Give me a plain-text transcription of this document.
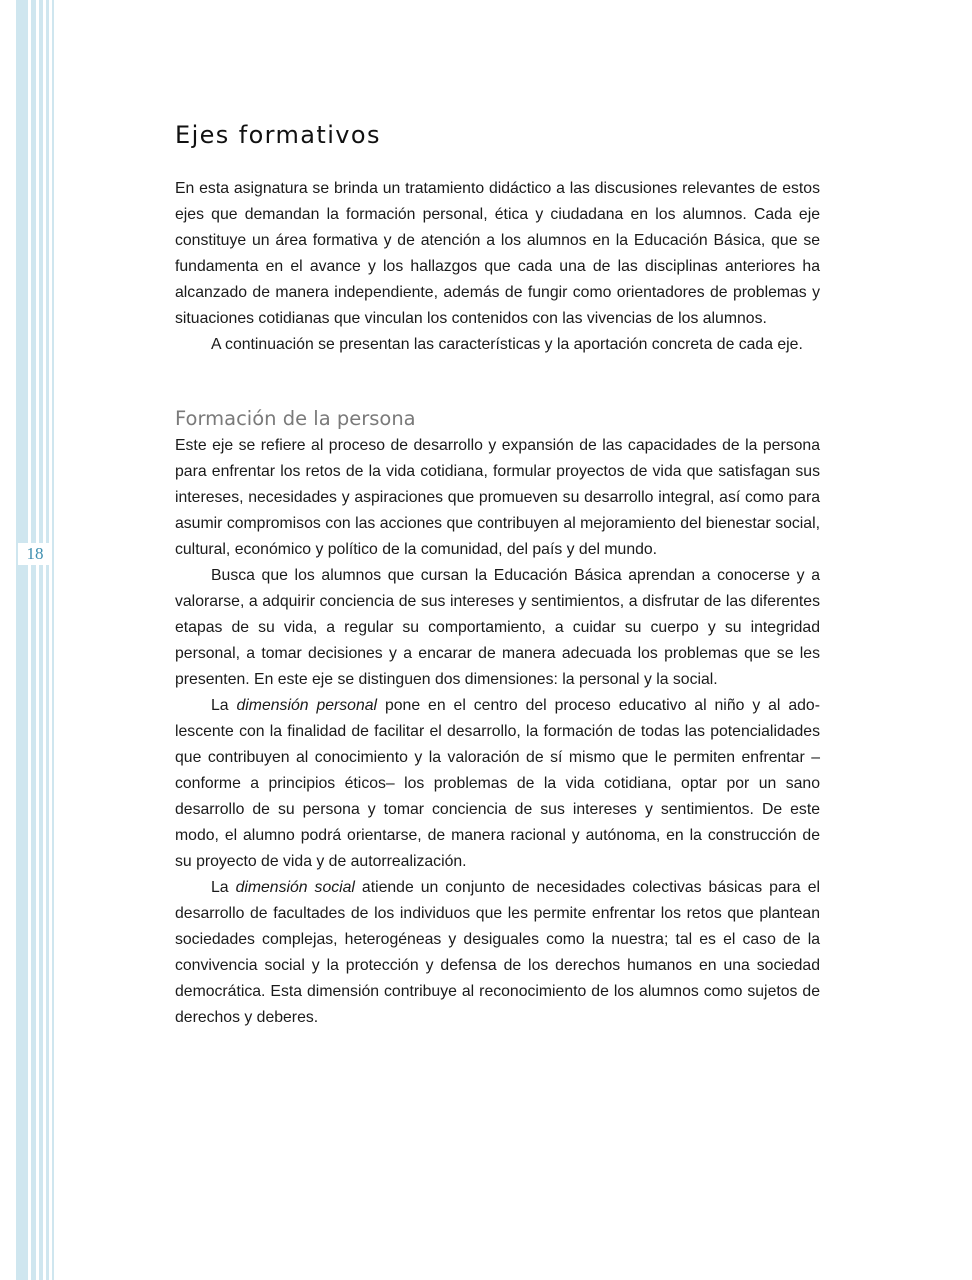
18
Ejes formativos

En esta asignatura se brinda un tratamiento didáctico a las discusiones relevantes de estos ejes que demandan la formación personal, ética y ciudadana en los alumnos. Cada eje constituye un área formativa y de atención a los alumnos en la Educación Básica, que se fundamenta en el avance y los hallazgos que cada una de las disciplinas anteriores ha alcanzado de manera independiente, además de fungir como orientadores de problemas y situaciones cotidianas que vinculan los contenidos con las vivencias de los alumnos.

A continuación se presentan las características y la aportación concreta de cada eje.

Formación de la persona

Este eje se refiere al proceso de desarrollo y expansión de las capacidades de la persona para enfrentar los retos de la vida cotidiana, formular proyectos de vida que satisfagan sus intereses, necesidades y aspiraciones que promueven su desarrollo integral, así como para asumir compromisos con las acciones que contribuyen al mejoramiento del bienestar social, cultural, económico y político de la comunidad, del país y del mundo.

Busca que los alumnos que cursan la Educación Básica aprendan a conocerse y a valorarse, a adquirir conciencia de sus intereses y sentimientos, a disfrutar de las diferentes etapas de su vida, a regular su comportamiento, a cuidar su cuerpo y su integridad personal, a tomar decisiones y a encarar de manera adecuada los problemas que se les presenten. En este eje se distinguen dos dimensiones: la personal y la social.

La dimensión personal pone en el centro del proceso educativo al niño y al adolescente con la finalidad de facilitar el desarrollo, la formación de todas las potencialidades que contribuyen al conocimiento y la valoración de sí mismo que le permiten enfrentar –conforme a principios éticos– los problemas de la vida cotidiana, optar por un sano desarrollo de su persona y tomar conciencia de sus intereses y sentimientos. De este modo, el alumno podrá orientarse, de manera racional y autónoma, en la construcción de su proyecto de vida y de autorrealización.

La dimensión social atiende un conjunto de necesidades colectivas básicas para el desarrollo de facultades de los individuos que les permite enfrentar los retos que plantean sociedades complejas, heterogéneas y desiguales como la nuestra; tal es el caso de la convivencia social y la protección y defensa de los derechos humanos en una sociedad democrática. Esta dimensión contribuye al reconocimiento de los alumnos como sujetos de derechos y deberes.
